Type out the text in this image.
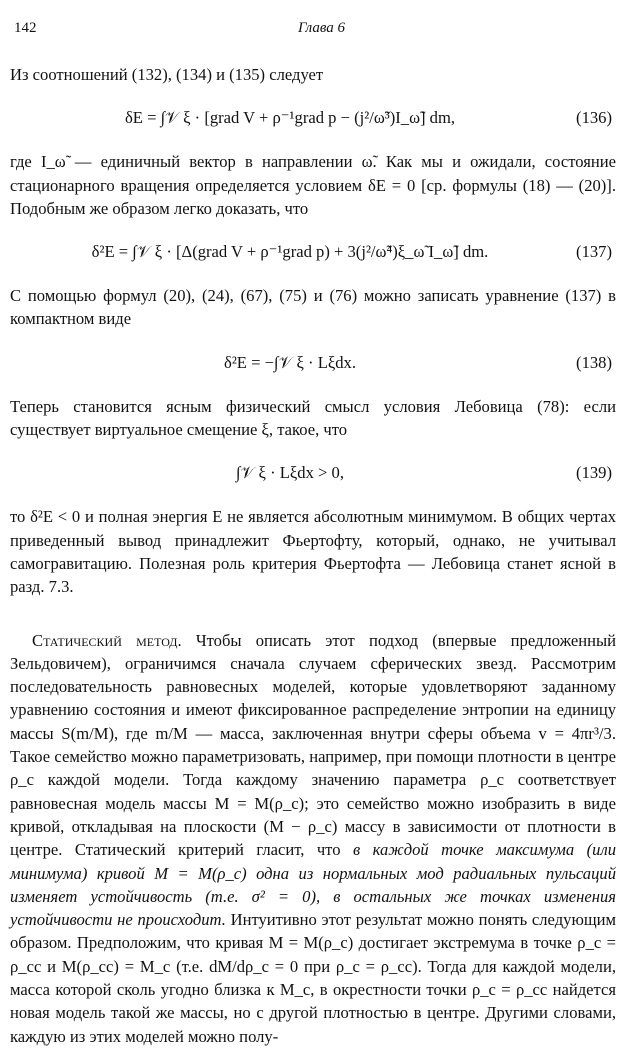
142	Глава 6

Из соотношений (132), (134) и (135) следует

δE = ∫𝒱 ξ · [grad V + ρ⁻¹grad p − (j²/ω̃³)I_ω̃] dm,	(136)

где I_ω̃ — единичный вектор в направлении ω̃. Как мы и ожидали, состояние стационарного вращения определяется условием δE = 0 [ср. формулы (18) — (20)]. Подобным же образом легко доказать, что

δ²E = ∫𝒱 ξ · [Δ(grad V + ρ⁻¹grad p) + 3(j²/ω̃⁴)ξ_ω̃ I_ω̃] dm.	(137)

С помощью формул (20), (24), (67), (75) и (76) можно записать уравнение (137) в компактном виде

δ²E = −∫𝒱 ξ · Lξdx.	(138)

Теперь становится ясным физический смысл условия Лебовица (78): если существует виртуальное смещение ξ, такое, что

∫𝒱 ξ · Lξdx > 0,	(139)

то δ²E < 0 и полная энергия E не является абсолютным минимумом. В общих чертах приведенный вывод принадлежит Фьертофту, который, однако, не учитывал самогравитацию. Полезная роль критерия Фьертофта — Лебовица станет ясной в разд. 7.3.

Статический метод. Чтобы описать этот подход (впервые предложенный Зельдовичем), ограничимся сначала случаем сферических звезд. Рассмотрим последовательность равновесных моделей, которые удовлетворяют заданному уравнению состояния и имеют фиксированное распределение энтропии на единицу массы S(m/M), где m/M — масса, заключенная внутри сферы объема v = 4πr³/3. Такое семейство можно параметризовать, например, при помощи плотности в центре ρ_c каждой модели. Тогда каждому значению параметра ρ_c соответствует равновесная модель массы M = M(ρ_c); это семейство можно изобразить в виде кривой, откладывая на плоскости (M − ρ_c) массу в зависимости от плотности в центре. Статический критерий гласит, что в каждой точке максимума (или минимума) кривой M = M(ρ_c) одна из нормальных мод радиальных пульсаций изменяет устойчивость (т.е. σ² = 0), в остальных же точках изменения устойчивости не происходит. Интуитивно этот результат можно понять следующим образом. Предположим, что кривая M = M(ρ_c) достигает экстремума в точке ρ_c = ρ_cc и M(ρ_cc) = M_c (т.е. dM/dρ_c = 0 при ρ_c = ρ_cc). Тогда для каждой модели, масса которой сколь угодно близка к M_c, в окрестности точки ρ_c = ρ_cc найдется новая модель такой же массы, но с другой плотностью в центре. Другими словами, каждую из этих моделей можно полу-
